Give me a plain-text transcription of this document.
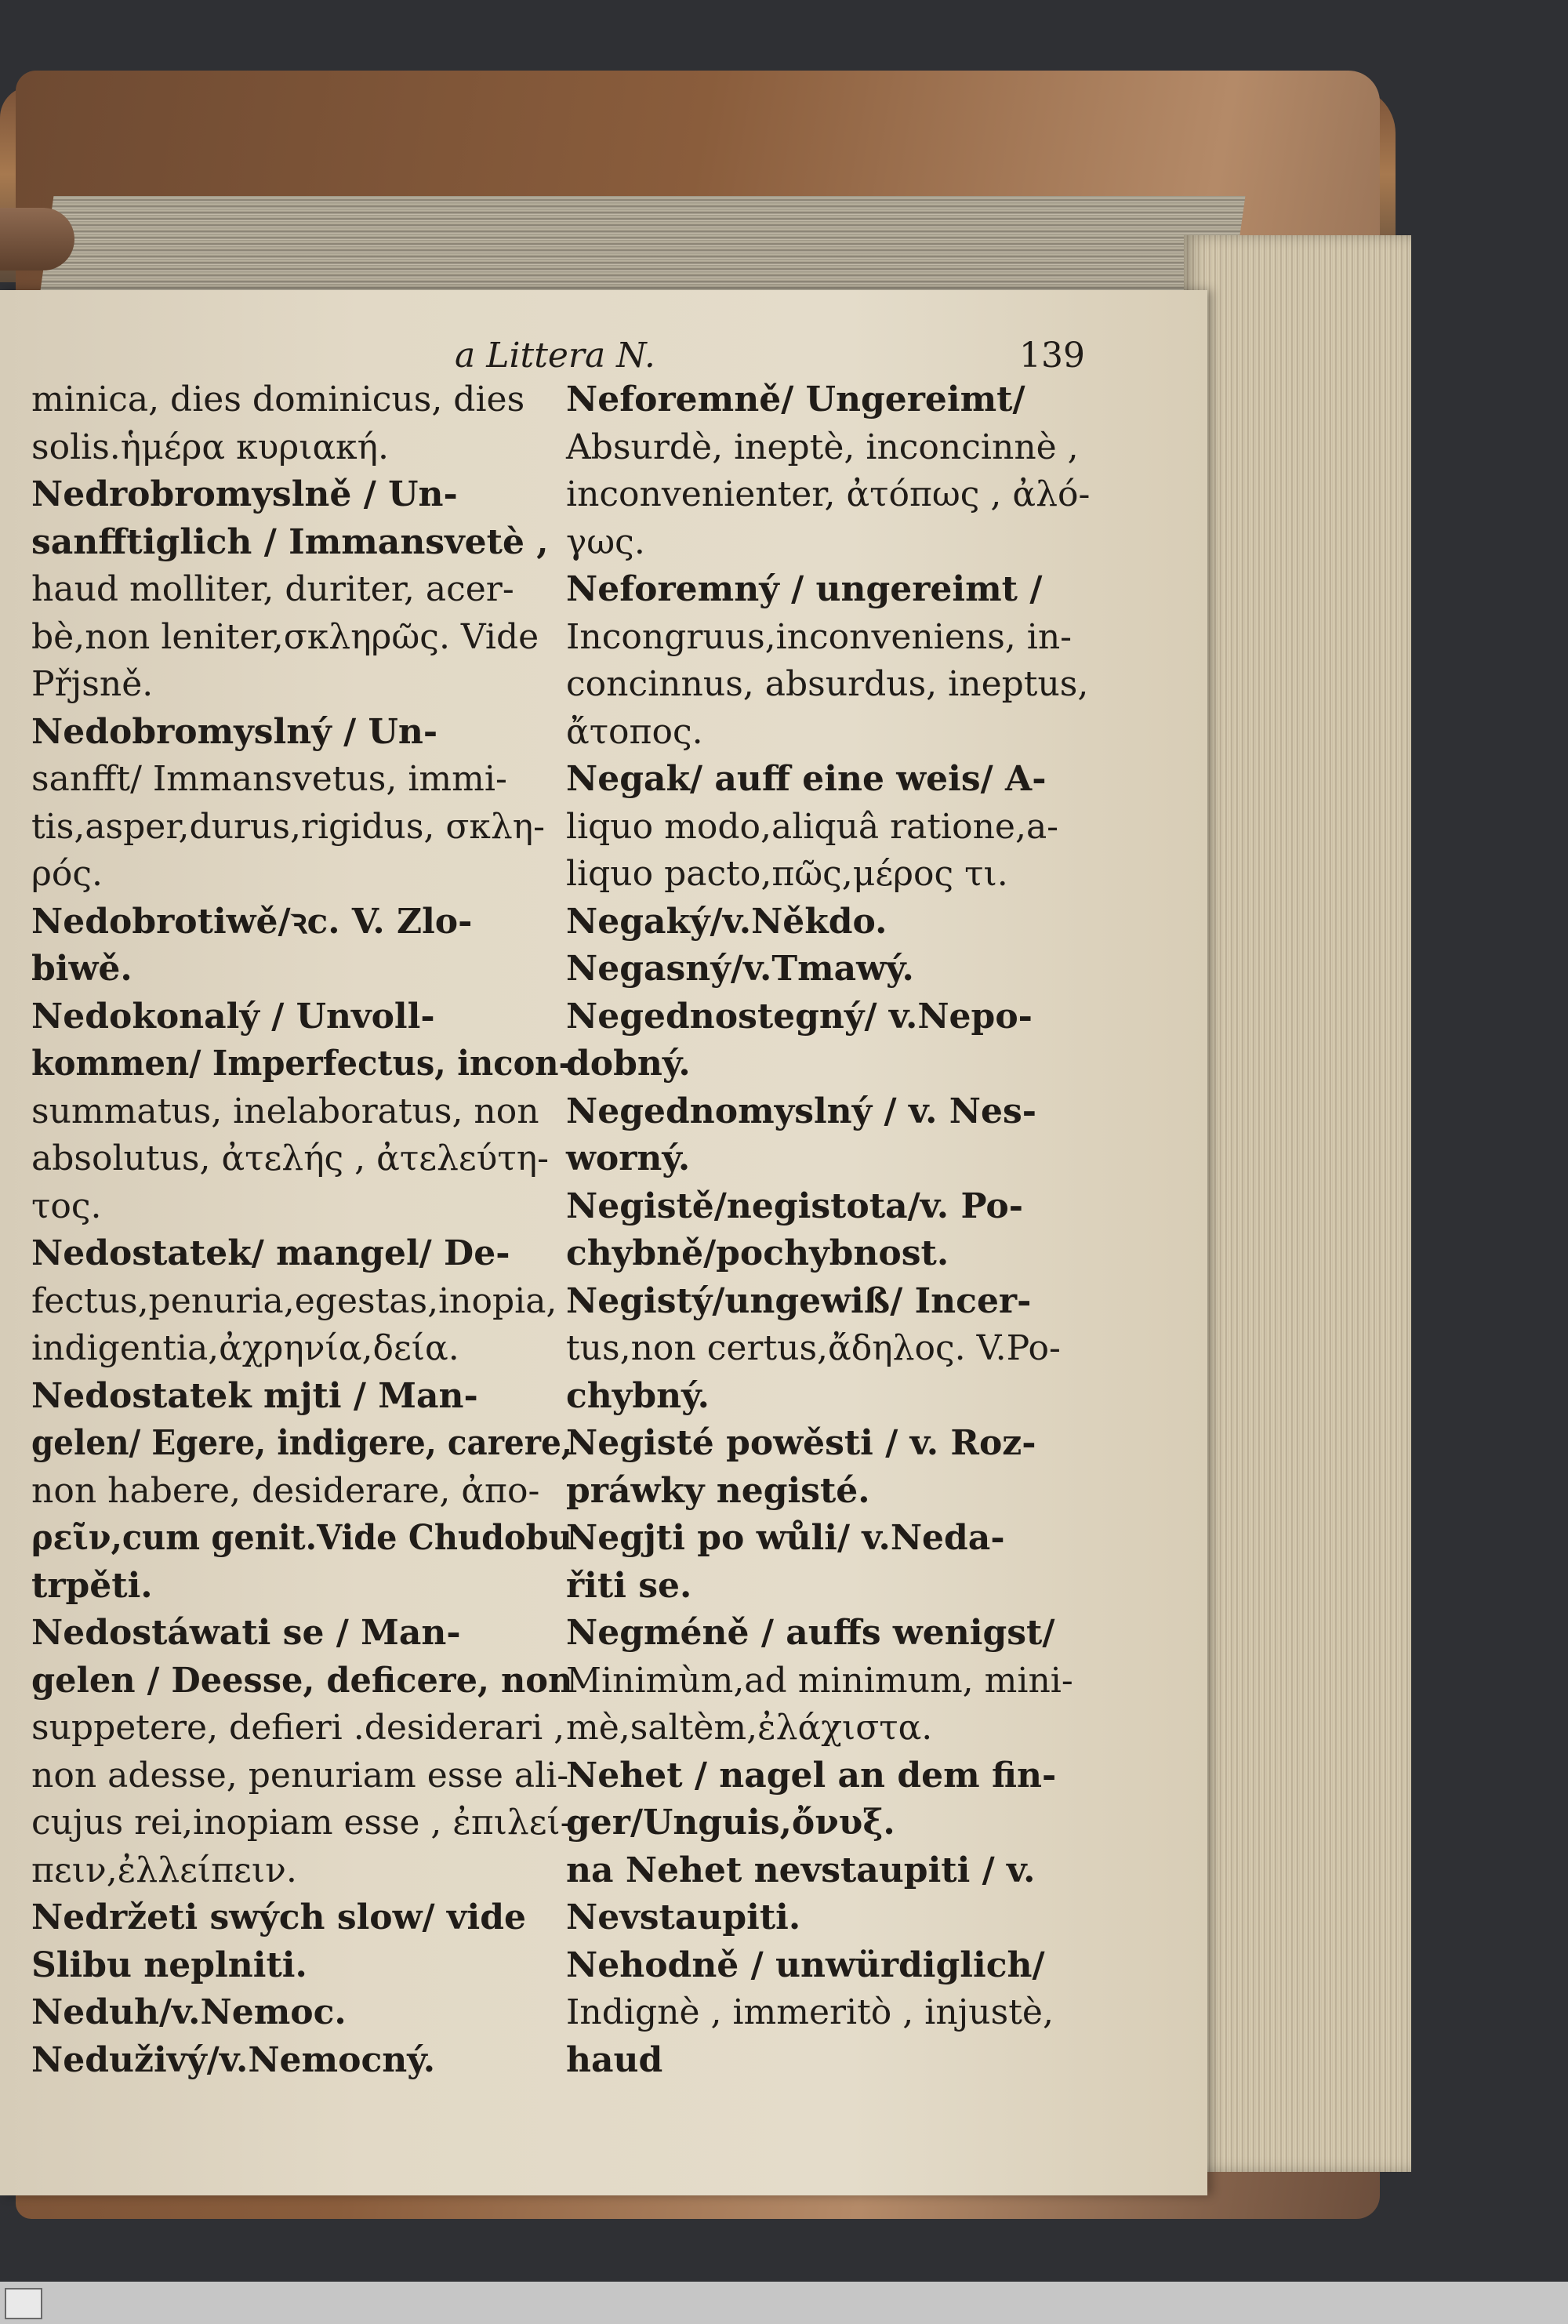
a Littera N.	139
minica, dies dominicus, dies
solis.ἡμέρα κυριακή.
Nedrobromyslně / Un-
sanfftiglich / Immansvetè ,
haud molliter, duriter, acer-
bè,non leniter,σκληρῶς. Vide
Přjsně.
Nedobromyslný / Un-
sanfft/ Immansvetus, immi-
tis,asper,durus,rigidus, σκλη-
ρός.
Nedobrotiwě/ꝛc. V. Zlo-
biwě.
Nedokonalý / Unvoll-
kommen/ Imperfectus, incon-
summatus, inelaboratus, non
absolutus, ἀτελής , ἀτελεύτη-
τος.
Nedostatek/ mangel/ De-
fectus,penuria,egestas,inopia,
indigentia,ἀχρηνία,δεία.
Nedostatek mjti / Man-
gelen/ Egere, indigere, carere,
non habere, desiderare, ἀπο-
ρεῖν,cum genit.Vide Chudobu
trpěti.
Nedostáwati se / Man-
gelen / Deesse, deficere, non
suppetere, defieri .desiderari ,
non adesse, penuriam esse ali-
cujus rei,inopiam esse , ἐπιλεί-
πειν,ἐλλείπειν.
Nedržeti swých slow/ vide
Slibu neplniti.
Neduh/v.Nemoc.
Neduživý/v.Nemocný.
Neforemně/ Ungereimt/
Absurdè, ineptè, inconcinnè ,
inconvenienter, ἀτόπως , ἀλό-
γως.
Neforemný / ungereimt /
Incongruus,inconveniens, in-
concinnus, absurdus, ineptus,
ἄτοπος.
Negak/ auff eine weis/ A-
liquo modo,aliquâ ratione,a-
liquo pacto,πῶς,μέρος τι.
Negaký/v.Někdo.
Negasný/v.Tmawý.
Negednostegný/ v.Nepo-
dobný.
Negednomyslný / v. Nes-
worný.
Negistě/negistota/v. Po-
chybně/pochybnost.
Negistý/ungewiß/ Incer-
tus,non certus,ἄδηλος. V.Po-
chybný.
Negisté powěsti / v. Roz-
práwky negisté.
Negjti po wůli/ v.Neda-
řiti se.
Negméně / auffs wenigst/
Minimùm,ad minimum, mini-
mè,saltèm,ἐλάχιστα.
Nehet / nagel an dem fin-
ger/Unguis,ὄνυξ.
na Nehet nevstaupiti / v.
Nevstaupiti.
Nehodně / unwürdiglich/
Indignè , immeritò , injustè,
haud
